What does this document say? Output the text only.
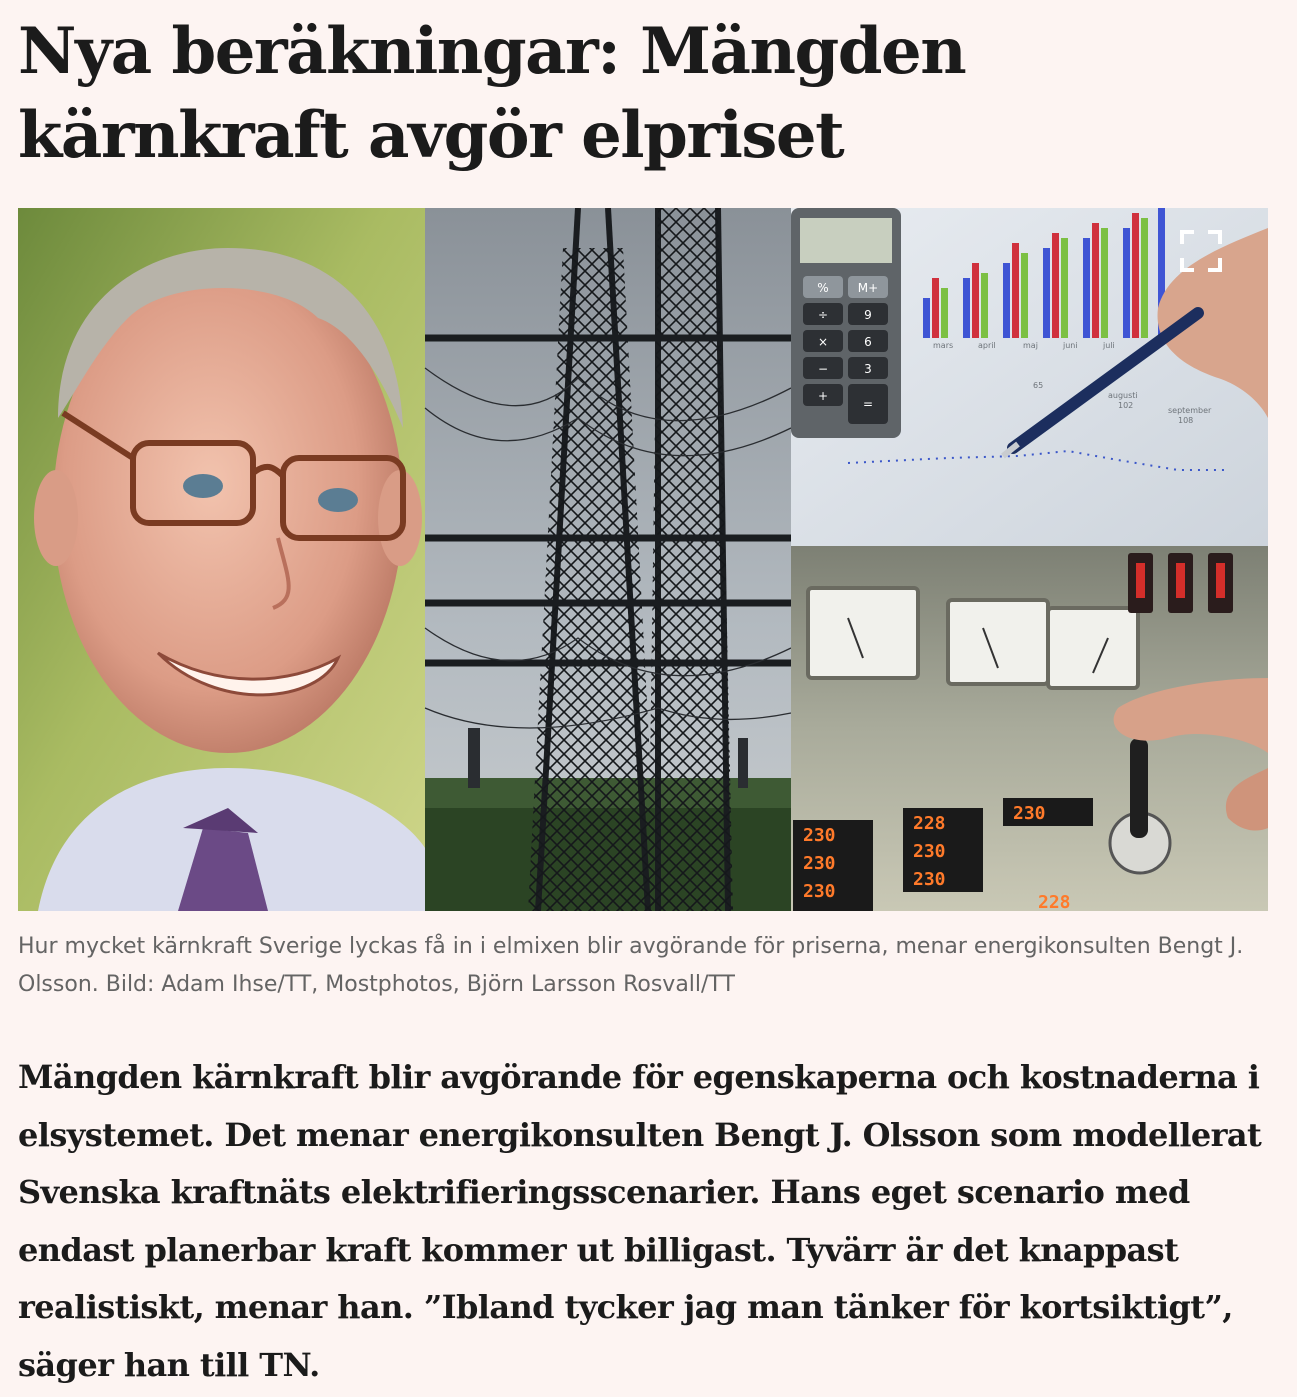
Nya beräkningar: Mängden kärnkraft avgör elpriset
% M+
÷	9
×	6
−	3
+
=
mars	april	maj	juni	juli
65
augusti
102
september
108
230
230
230
228
230
230
230
228

Hur mycket kärnkraft Sverige lyckas få in i elmixen blir avgörande för priserna, menar energikonsulten Bengt J. Olsson. Bild: Adam Ihse/TT, Mostphotos, Björn Larsson Rosvall/TT

Mängden kärnkraft blir avgörande för egenskaperna och kostnaderna i elsystemet. Det menar energikonsulten Bengt J. Olsson som modellerat Svenska kraftnäts elektrifieringsscenarier. Hans eget scenario med endast planerbar kraft kommer ut billigast. Tyvärr är det knappast realistiskt, menar han. ”Ibland tycker jag man tänker för kortsiktigt”, säger han till TN.
